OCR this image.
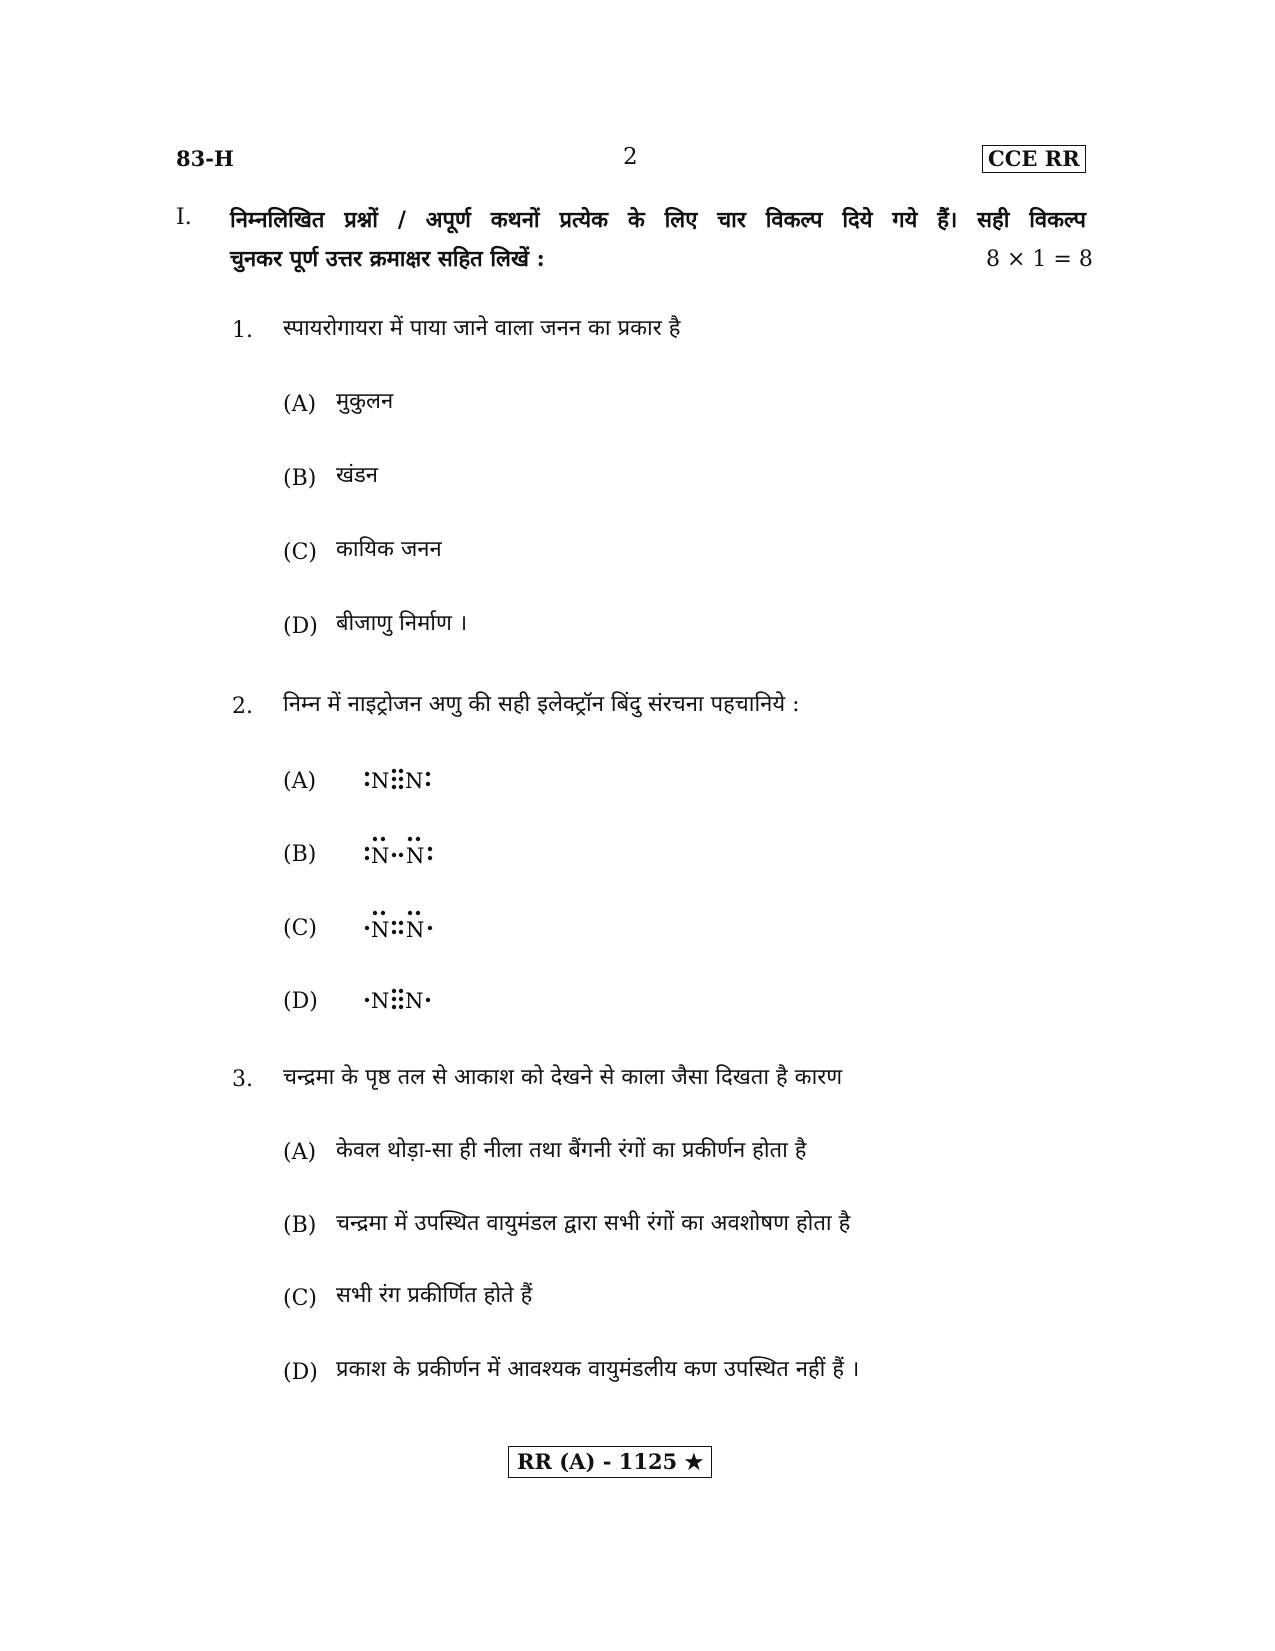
83-H	2	CCE RR
I. निम्नलिखित प्रश्नों / अपूर्ण कथनों प्रत्येक के लिए चार विकल्प दिये गये हैं। सही विकल्प
चुनकर पूर्ण उत्तर क्रमाक्षर सहित लिखें :	8 × 1 = 8
1. स्पायरोगायरा में पाया जाने वाला जनन का प्रकार है
(A) मुकुलन
(B) खंडन
(C) कायिक जनन
(D) बीजाणु निर्माण ।
2. निम्न में नाइट्रोजन अणु की सही इलेक्ट्रॉन बिंदु संरचना पहचानिये :
(A)	N N
(B)	N N
(C)	N N
(D)	N N
3. चन्द्रमा के पृष्ठ तल से आकाश को देखने से काला जैसा दिखता है कारण
(A) केवल थोड़ा-सा ही नीला तथा बैंगनी रंगों का प्रकीर्णन होता है
(B) चन्द्रमा में उपस्थित वायुमंडल द्वारा सभी रंगों का अवशोषण होता है
(C) सभी रंग प्रकीर्णित होते हैं
(D) प्रकाश के प्रकीर्णन में आवश्यक वायुमंडलीय कण उपस्थित नहीं हैं ।
RR (A) - 1125 ★
